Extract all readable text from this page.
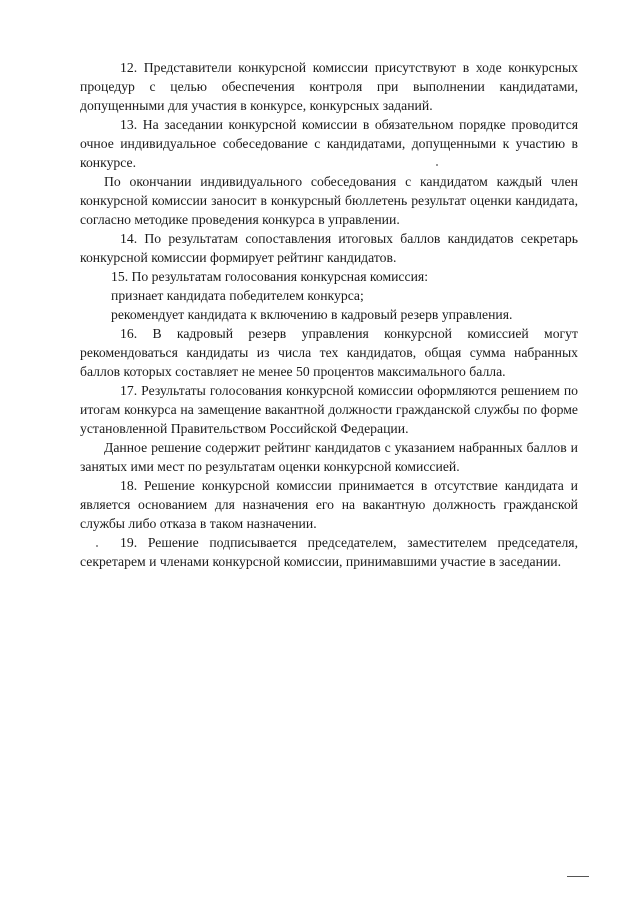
12. Представители конкурсной комиссии присутствуют в ходе конкурсных процедур с целью обеспечения контроля при выполнении кандидатами, допущенными для участия в конкурсе, конкурсных заданий.

13. На заседании конкурсной комиссии в обязательном порядке проводится очное индивидуальное собеседование с кандидатами, допущенными к участию в конкурсе.

По окончании индивидуального собеседования с кандидатом каждый член конкурсной комиссии заносит в конкурсный бюллетень результат оценки кандидата, согласно методике проведения конкурса в управлении.

14. По результатам сопоставления итоговых баллов кандидатов секретарь конкурсной комиссии формирует рейтинг кандидатов.

15. По результатам голосования конкурсная комиссия:

признает кандидата победителем конкурса;

рекомендует кандидата к включению в кадровый резерв управления.

16. В кадровый резерв управления конкурсной комиссией могут рекомендоваться кандидаты из числа тех кандидатов, общая сумма набранных баллов которых составляет не менее 50 процентов максимального балла.

17. Результаты голосования конкурсной комиссии оформляются решением по итогам конкурса на замещение вакантной должности гражданской службы по форме установленной Правительством Российской Федерации.

Данное решение содержит рейтинг кандидатов с указанием набранных баллов и занятых ими мест по результатам оценки конкурсной комиссией.

18. Решение конкурсной комиссии принимается в отсутствие кандидата и является основанием для назначения его на вакантную должность гражданской службы либо отказа в таком назначении.

19. Решение подписывается председателем, заместителем председателя, секретарем и членами конкурсной комиссии, принимавшими участие в заседании.
